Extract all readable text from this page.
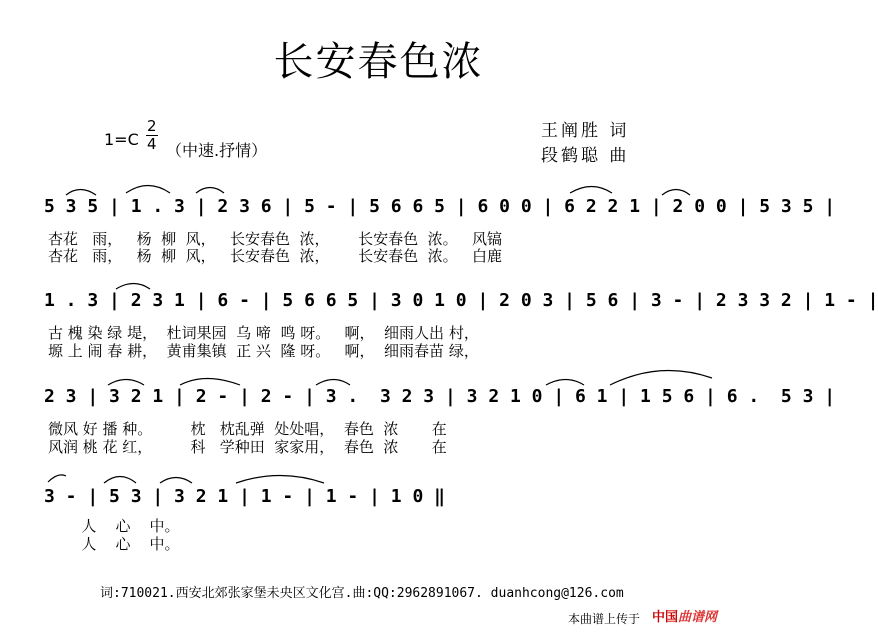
长安春色浓
1=C
2
4 （中速.抒情）
王阐胜 词
段鹤聪 曲
5 3 5 | 1 . 3 | 2 3 6 | 5 - | 5 6 6 5 | 6 0 0 | 6 2 2 1 | 2 0 0 | 5 3 5 |
杏花   雨，   杨  柳  风，   长安春色  浓，      长安春色  浓。   风镐
杏花   雨，   杨  柳  风，   长安春色  浓，      长安春色  浓。   白鹿
1 . 3 | 2 3 1 | 6 - | 5 6 6 5 | 3 0 1 0 | 2 0 3 | 5 6 | 3 - | 2 3 3 2 | 1 - |
古 槐 染 绿 堤，  杜词果园  乌 啼  鸣 呀。   啊，  细雨人出 村，
塬 上 闹 春 耕，  黄甫集镇  正 兴  隆 呀。   啊，  细雨春苗 绿，
2 3 | 3 2 1 | 2 - | 2 - | 3 .  3 2 3 | 3 2 1 0 | 6 1 | 1 5 6 | 6 .  5 3 |
微风 好 播 种。        枕   枕乱弹  处处唱，  春色  浓       在
风润 桃 花 红，        科   学种田  家家用，  春色  浓       在
3 - | 5 3 | 3 2 1 | 1 - | 1 - | 1 0 ‖
人    心    中。
人    心    中。
词:710021.西安北郊张家堡未央区文化宫.曲:QQ:2962891067. duanhcong@126.com
本曲谱上传于 中国曲谱网
